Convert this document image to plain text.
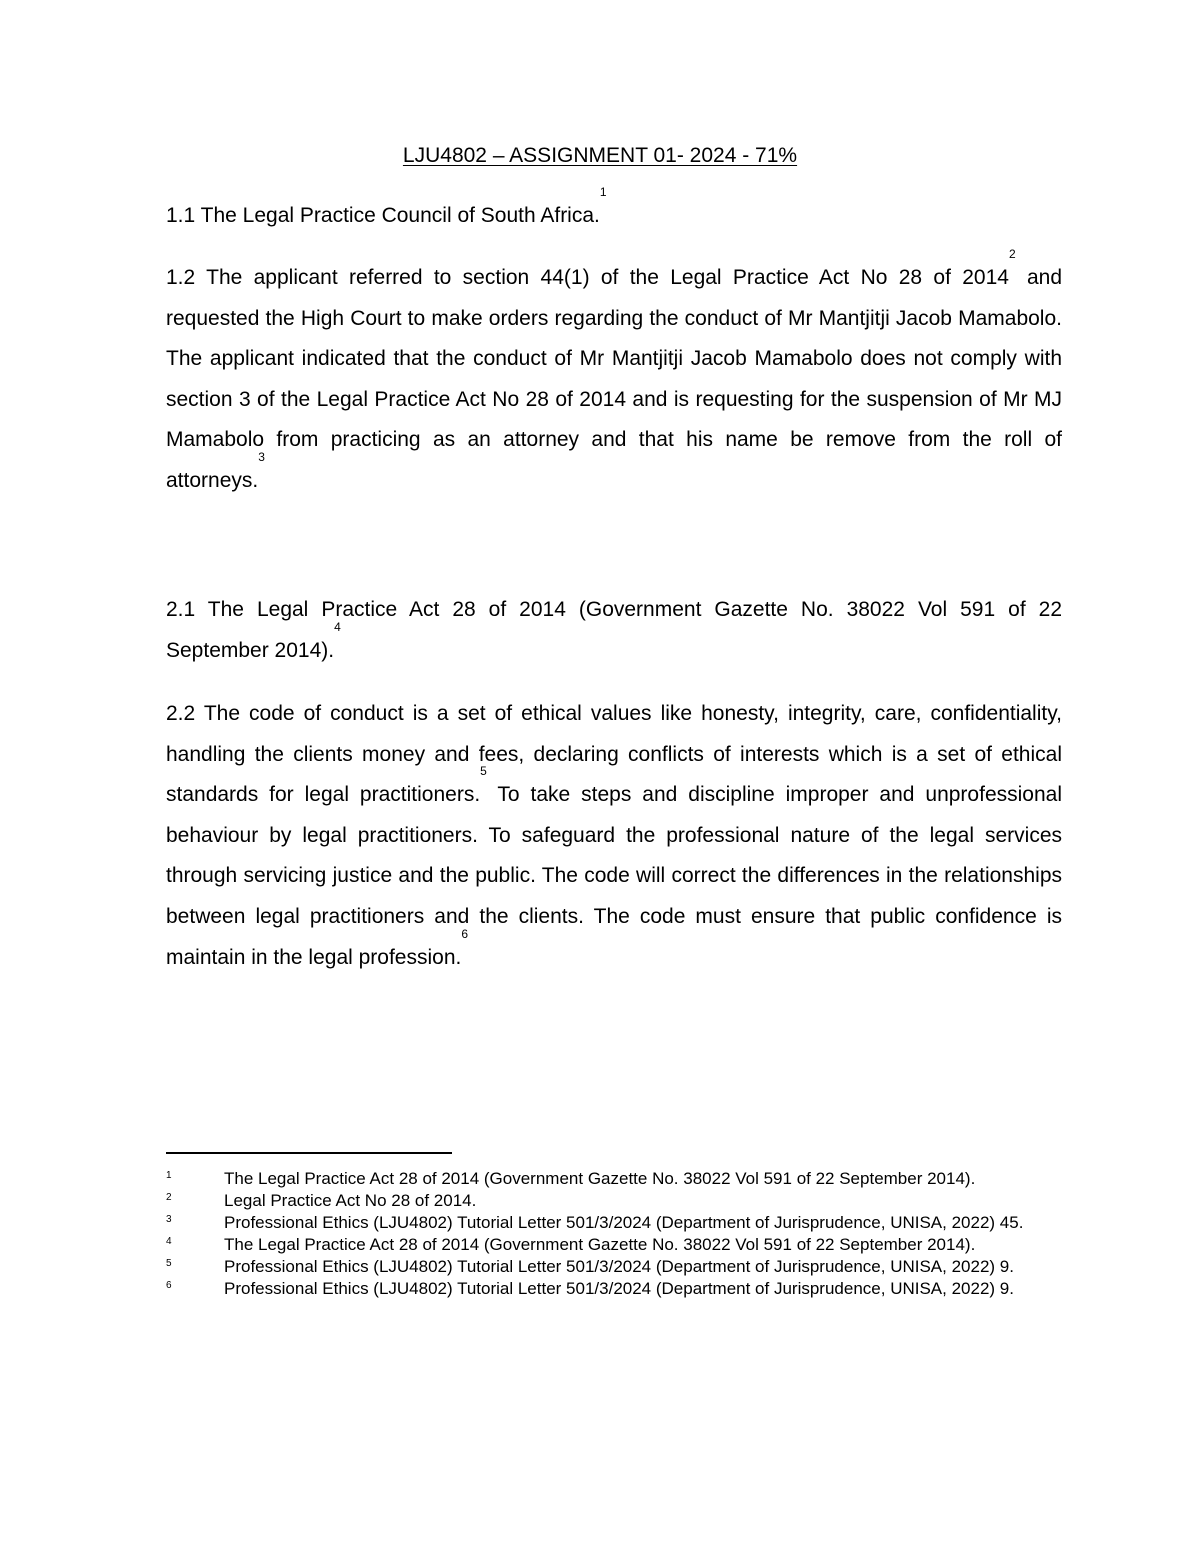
LJU4802 – ASSIGNMENT 01- 2024 - 71%

1.1 The Legal Practice Council of South Africa.$^1$

1.2 The applicant referred to section 44(1) of the Legal Practice Act No 28 of 2014$^2$ and requested the High Court to make orders regarding the conduct of Mr Mantjitji Jacob Mamabolo. The applicant indicated that the conduct of Mr Mantjitji Jacob Mamabolo does not comply with section 3 of the Legal Practice Act No 28 of 2014 and is requesting for the suspension of Mr MJ Mamabolo from practicing as an attorney and that his name be remove from the roll of attorneys.$^3$

2.1 The Legal Practice Act 28 of 2014 (Government Gazette No. 38022 Vol 591 of 22 September 2014).$^4$

2.2 The code of conduct is a set of ethical values like honesty, integrity, care, confidentiality, handling the clients money and fees, declaring conflicts of interests which is a set of ethical standards for legal practitioners.$^5$ To take steps and discipline improper and unprofessional behaviour by legal practitioners. To safeguard the professional nature of the legal services through servicing justice and the public. The code will correct the differences in the relationships between legal practitioners and the clients. The code must ensure that public confidence is maintain in the legal profession.$^6$

1	The Legal Practice Act 28 of 2014 (Government Gazette No. 38022 Vol 591 of 22 September 2014).
2	Legal Practice Act No 28 of 2014.
3	Professional Ethics (LJU4802) Tutorial Letter 501/3/2024 (Department of Jurisprudence, UNISA, 2022) 45.
4	The Legal Practice Act 28 of 2014 (Government Gazette No. 38022 Vol 591 of 22 September 2014).
5	Professional Ethics (LJU4802) Tutorial Letter 501/3/2024 (Department of Jurisprudence, UNISA, 2022) 9.
6	Professional Ethics (LJU4802) Tutorial Letter 501/3/2024 (Department of Jurisprudence, UNISA, 2022) 9.
